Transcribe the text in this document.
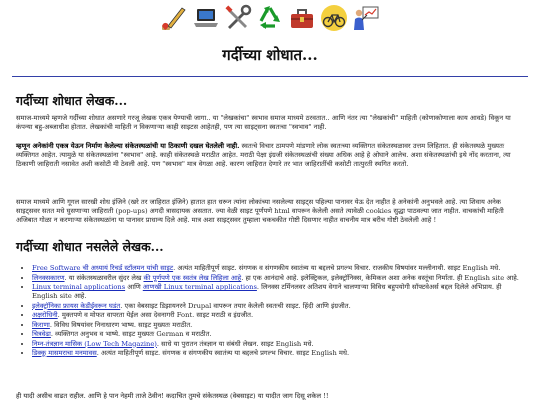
गर्दीच्या शोधात...
गर्दीच्या शोधात लेखक...

समाज-माध्यमे म्हणजे गर्दीच्या शोधात असणारे गरजू लेखक एकत्र येण्याची जागा.. या "लेखकांचा" स्वभाव समाज माध्यमे ठरवतात.. आणि नंतर त्या "लेखकांची" माहिती (कोणाकोणाला काय आवडे) विकून या कंपन्या बहु-अब्जाधीश होतात. लेखकांची माहिती न विकणाऱ्या काही साइटस आहेतही, पण त्या साइट्सना स्वतःचा "स्वभाव" नाही.

म्हणून अनेकांनी एकत्र येऊन निर्माण केलेल्या संकेतस्थळांची या ठिकाणी दखल घेतलेली नाही. स्वतःचे विचार ठामपणे मांडणारे लोक स्वतःच्या व्यक्तिगत संकेतस्थळावर उत्तम लिहितात. ही संकेतस्थळे मुख्यतः व्यक्तिगत आहेत. त्यामुळे या संकेतस्थळांना "स्वभाव" आहे. काही संकेतस्थळे मराठीत आहेत. मराठी पेक्षा इंग्रजी संकेतस्थळांची संख्या अधिक आहे हे ओघाने आलेच. अशा संकेतस्थळांची इथे नोंद करताना, त्या ठिकाणी जाहिराती नसावेत अशी कसोटी मी ठेवली आहे. पण "स्वभाव" मात्र वेगळा आहे. कारण जाहिरात देणारे तर भात जाहिरातींची कसोटी तात्पुरती स्थगित करतो.

समाज माध्यमे आणि गूगल सारखी शोध इंजिने (खरे तर जाहिरात इंजिने) हातात हात धरून त्यांना लोकांच्या नसलेल्या साइट्स पहिल्या पानावर येऊ देत नाहीत हे अनेकांनी अनुभवले आहे. त्या शिवाय अनेक साइट्सवर सतत मधे घुसणाऱ्या जाहिराती (pop-ups) अगदी त्रासदायक असतात. ज्या वेळी साइट पूर्णपणे html वापरून केलेली असते त्यावेळी cookies सुद्धा पाठवल्या जात नाहीत. वाचकांची माहिती अजिबात गोळा न करणाऱ्या संकेतस्थळांना या पानावर प्राधान्य दिले आहे. मात्र अशा साइट्सवर तुम्हाला चकचकीत गोष्टी दिसणार नाहीत वाचनीय मात्र बरीच गोष्टी ठेवलेली आहे !

गर्दीच्या शोधात नसलेले लेखक...
• Free Software ची अध्यायं रिचर्ड स्टॉलमन यांची साइट. अत्यंत माहितीपूर्ण साइट. संगणक व संगणकीय स्वातंत्र्य या बद्दलचे प्रगल्भ विचार. राजकीय विषयांवर मल्लीनाथी. साइट English मधे.
• लिनक्सकारण. या संकेतस्थळावरील सुंदर लेख की पूर्णपणे एक स्वतंत्र लेख लिहिला आहे. हा एक आनंदाचे आहे. इलेक्ट्रिकल, इलेक्ट्रॉनिक्स, केमिकल अशा अनेक वस्तूंचा निर्माता. ही English site आहे.
• Linux terminal applications आणि आणखी Linux terminal applications. लिनक्स टर्मिनलवर अतिशय वेगाने चालणाऱ्या विविध बहुपयोगी सॉफ्टवेअर्स बद्दल दिलेले अभिप्राय. ही English site आहे.
• इलेक्ट्रॉनिका फ्रायस केडीईवरून घडंत. एका वेबसाइट डिझायनरने Drupal वापरून तयार केलेली स्वतःची साइट. हिंदी आणि इंग्रजीत.
• अक्षरोधिनी. मुक्तपणे व मोफत वापरता येईल असा देवनागरी Font. साइट मराठी व इंग्रजीत.
• किराणा. विविध विषयांवर निनाधारण भाष्य. साइट मुख्यतः मराठीत.
• चित्रवेढा. व्यक्तिगत अनुभव व भाष्ये. साइट मुख्यतः German व मराठीत.
• निम्न-तंत्रज्ञान मासिक (Low Tech Magazine). साधे या पुरातन तंत्रज्ञान या संबंधी लेखन. साइट English मधे.
• डिक्कू मासमराचा मनमावस. अत्यंत माहितीपूर्ण साइट. संगणक व संगणकीय स्वातंत्र्य या बद्दलचे प्रगल्भ विचार. साइट English मधे.

ही यादी असीच वाढत राहील. आणि हे पान नेहमी ताजे ठेवीन! कदाचित तुमचे संकेतस्थळ (वेबसाइट) या यादीत जाग दिसू शकेल !!
